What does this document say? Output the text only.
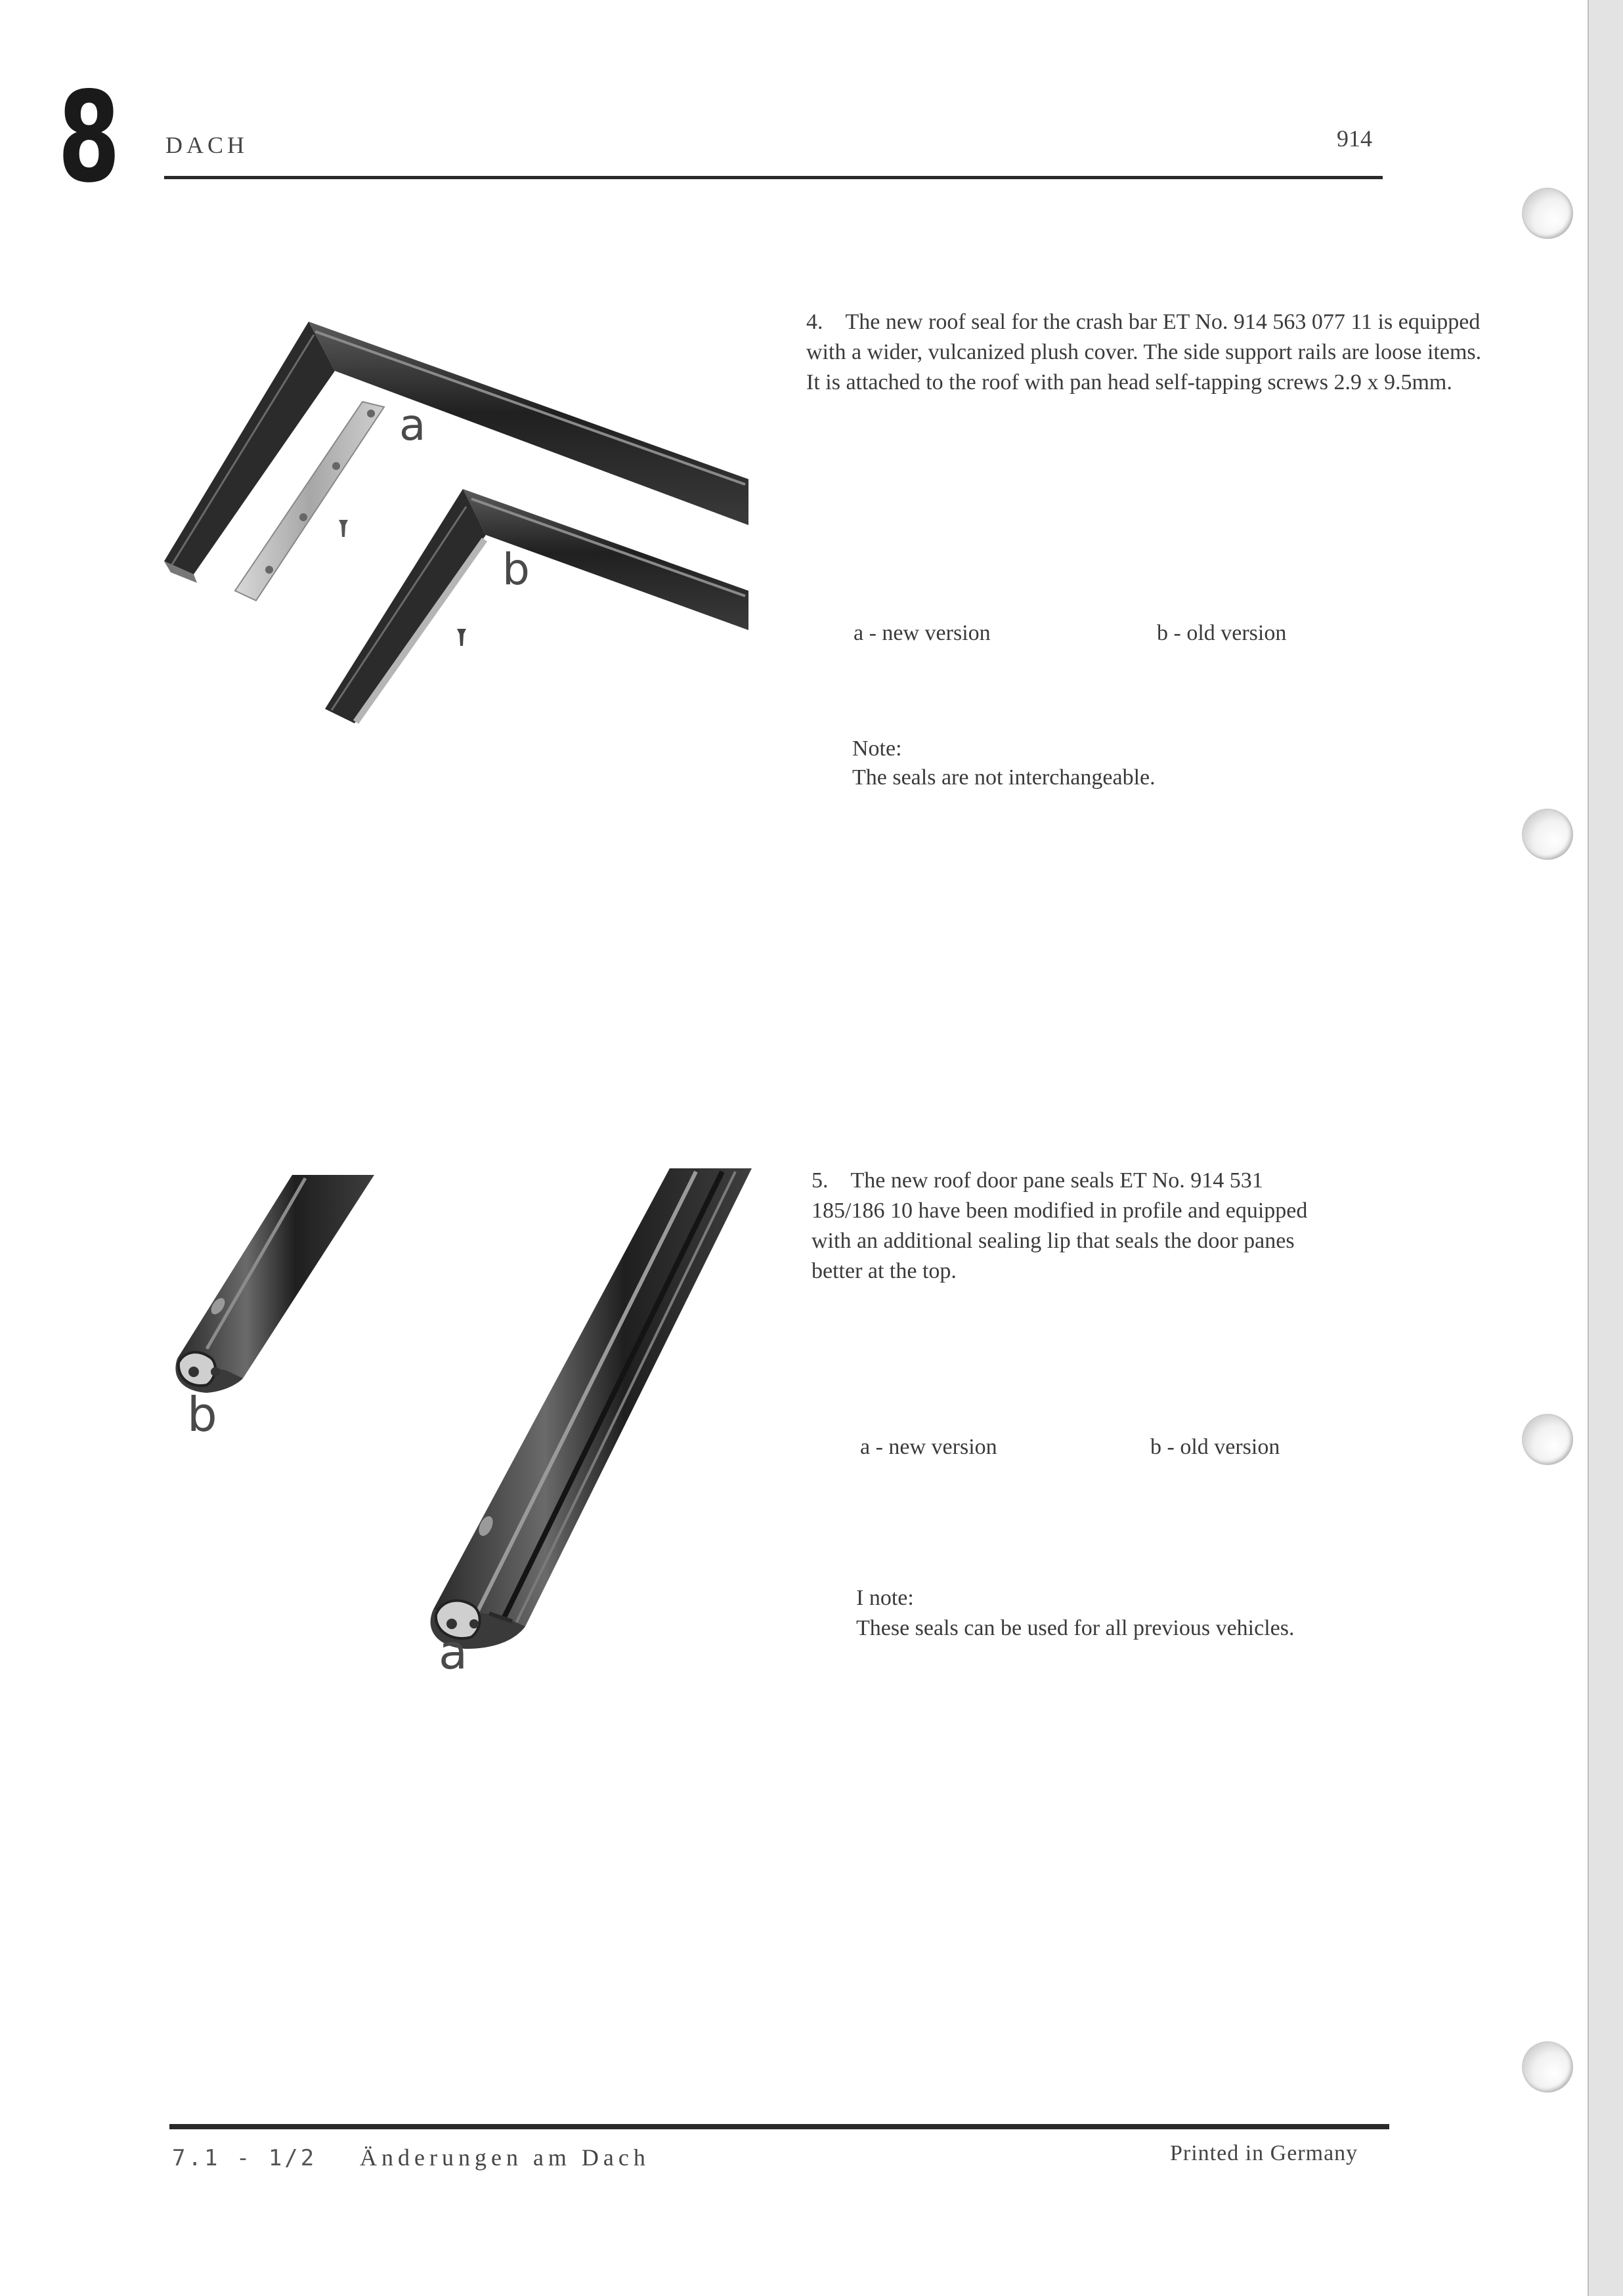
8 DACH	914
a
b
4. The new roof seal for the crash bar ET No. 914 563 077 11 is equipped
with a wider, vulcanized plush cover. The side support rails are loose items.
It is attached to the roof with pan head self-tapping screws 2.9 x 9.5mm.
a - new version	b - old version
Note:
The seals are not interchangeable.
b
a
5. The new roof door pane seals ET No. 914 531
185/186 10 have been modified in profile and equipped
with an additional sealing lip that seals the door panes
better at the top.
a - new version	b - old version
I note:
These seals can be used for all previous vehicles.
7.1 - 1/2 Änderungen am Dach	Printed in Germany
